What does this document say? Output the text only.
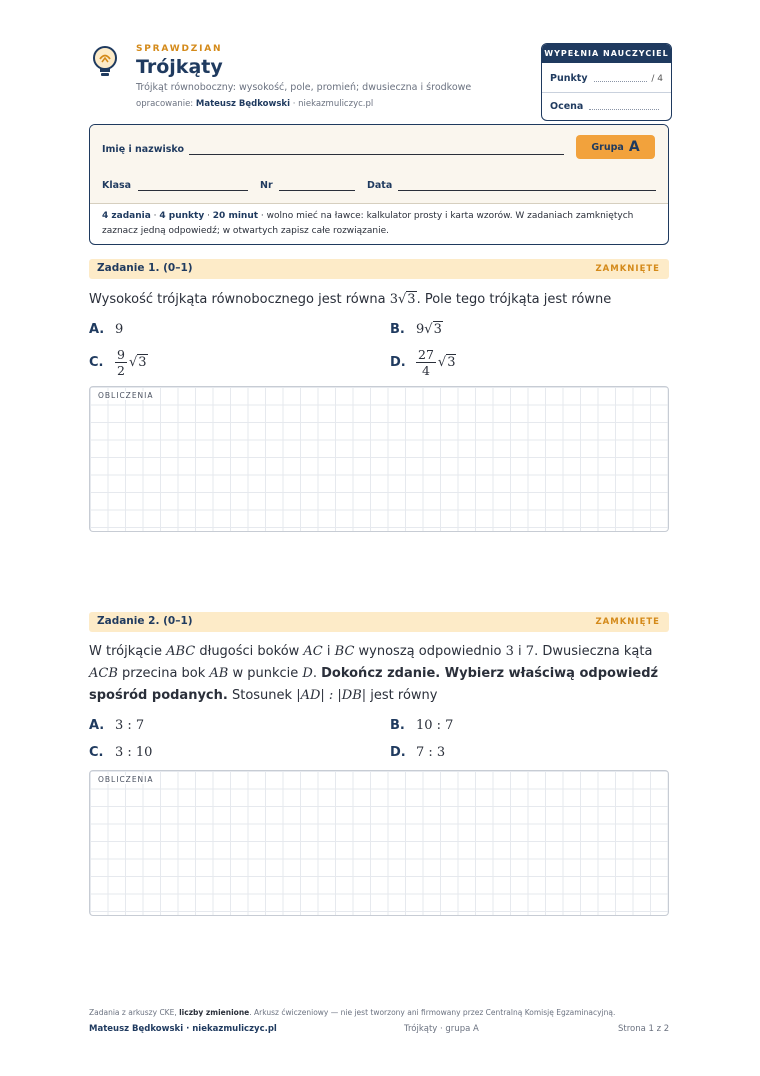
SPRAWDZIAN
Trójkąty
Trójkąt równoboczny: wysokość, pole, promień; dwusieczna i środkowe
opracowanie: Mateusz Będkowski · niekazmuliczyc.pl
WYPEŁNIA NAUCZYCIEL
Punkty	/ 4
Ocena
Imię i nazwisko	Grupa A
Klasa	Nr	Data
4 zadania · 4 punkty · 20 minut · wolno mieć na ławce: kalkulator prosty i karta wzorów. W zadaniach zamkniętych zaznacz jedną odpowiedź; w otwartych zapisz całe rozwiązanie.
Zadanie 1. (0–1)	ZAMKNIĘTE
Wysokość trójkąta równobocznego jest równa 3√3. Pole tego trójkąta jest równe
A. 9	B. 9 √ 3
C. $\frac{9}{2}$ √ 3	D. $\frac{27}{4}$ √ 3
OBLICZENIA
Zadanie 2. (0–1)	ZAMKNIĘTE
W trójkącie ABC długości boków AC i BC wynoszą odpowiednio 3 i 7. Dwusieczna kąta ACB przecina bok AB w punkcie D. Dokończ zdanie. Wybierz właściwą odpowiedź spośród podanych. Stosunek |AD| : |DB| jest równy
A. 3 : 7	B. 10 : 7
C. 3 : 10	D. 7 : 3
OBLICZENIA
Zadania z arkuszy CKE, liczby zmienione. Arkusz ćwiczeniowy — nie jest tworzony ani firmowany przez Centralną Komisję Egzaminacyjną.
Mateusz Będkowski · niekazmuliczyc.pl	Trójkąty · grupa A	Strona 1 z 2
